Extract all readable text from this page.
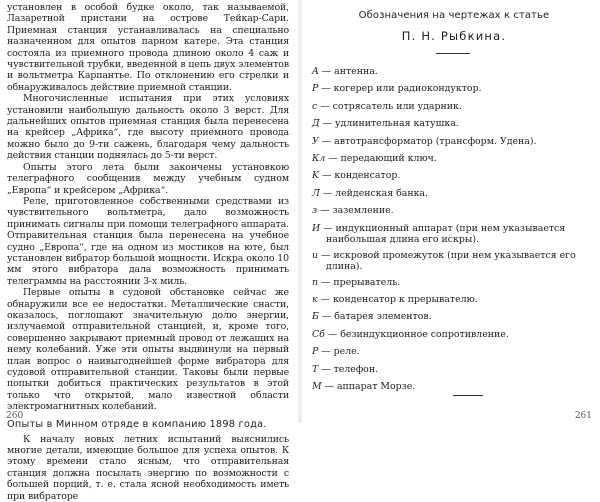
установлен в особой будке около, так называемой, Лазаретной пристани на острове Тейкар-Сари. Приемная станция устанавливалась на специально назначенном для опытов парном катере. Эта станция состояла из приемного провода длиною около 4 саж и чувствительной трубки, введенной в цепь двух элементов и вольтметра Карпантье. По отклонению его стрелки и обнаруживалось действие приемной станции.

Многочисленные испытания при этих условиях установили наибольшую дальность около 3 верст. Для дальнейших опытов приемная станция была перенесена на крейсер „Африка“, где высоту приемного провода можно было до 9-ти сажень, благодаря чему дальность действия станции поднялась до 5-ти верст.

Опыты этого лета были закончены установкою телеграфного сообщения между учебным судном „Европа“ и крейсером „Африка“.

Реле, приготовленное собственными средствами из чувствительного вольтметра, дало возможность принимать сигналы при помощи телеграфного аппарата. Отправительная станция была перенесена на учебное судно „Европа“, где на одном из мостиков на юте, был установлен вибратор большой мощности. Искра около 10 мм этого вибратора дала возможность принимать телеграммы на расстоянии 3-х миль.

Первые опыты в судовой обстановке сейчас же обнаружили все ее недостатки. Металлические снасти, оказалось, поглощают значительную долю энергии, излучаемой отправительной станцией, и, кроме того, совершенно закрывают приемный провод от лежащих на нему колебаний. Уже эти опыты выдвинули на первый план вопрос о наивыгоднейшей форме вибратора для судовой отправительной станции. Таковы были первые попытки добиться практических результатов в этой только что открытой, мало известной области электромагнитных колебаний.

Опыты в Минном отряде в компанию 1898 года.

К началу новых летних испытаний выяснились многие детали, имеющие большое для успеха опытов. К этому времени стало ясным, что отправительная станция должна посылать энергию по возможности с большей порций, т. е. стала ясной необходимость иметь при вибраторе

260
Обозначения на чертежах к статье
П. Н. Рыбкина.
A — антенна.
P — когерер или радиокондуктор.
c — сотрясатель или ударник.
Д — удлинительная катушка.
У — автотрансформатор (трансформ. Удена).
Кл — передающий ключ.
K — конденсатор.
Л — лейденская банка.
з — заземление.
И — индукционный аппарат (при нем указывается наибольшая длина его искры).
и — искровой промежуток (при нем указывается его длина).
п — прерыватель.
к — конденсатор к прерывателю.
Б — батарея элементов.
Сб — безиндукционное сопротивление.
P — реле.
T — телефон.
M — аппарат Морзе.
261
